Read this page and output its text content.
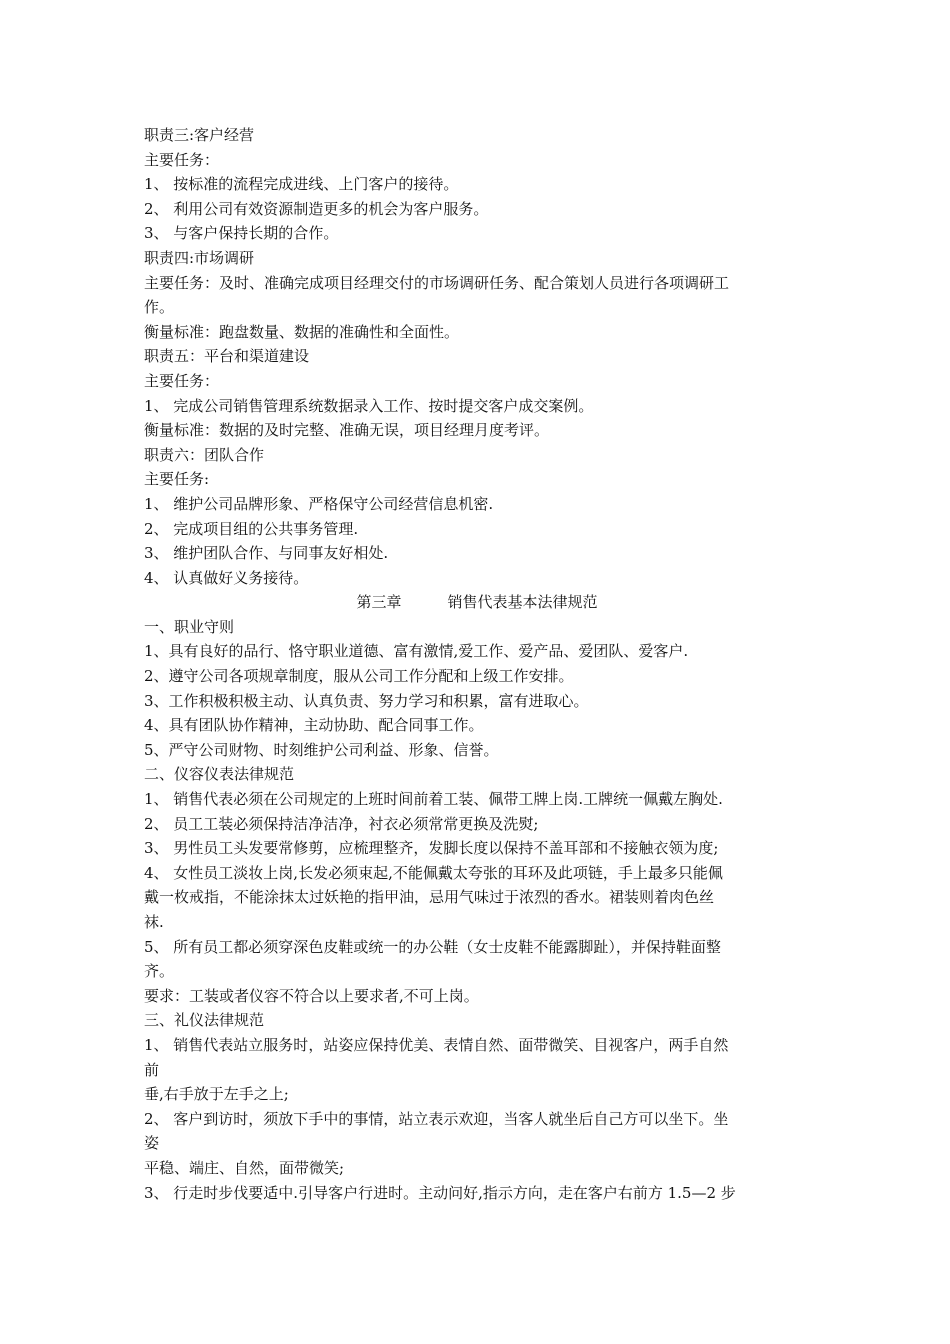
职责三:客户经营
主要任务：
1、 按标准的流程完成进线、上门客户的接待。
2、 利用公司有效资源制造更多的机会为客户服务。
3、 与客户保持长期的合作。
职责四:市场调研
主要任务：及时、准确完成项目经理交付的市场调研任务、配合策划人员进行各项调研工
作。
衡量标准：跑盘数量、数据的准确性和全面性。
职责五：平台和渠道建设
主要任务：
1、 完成公司销售管理系统数据录入工作、按时提交客户成交案例。
衡量标准：数据的及时完整、准确无误，项目经理月度考评。
职责六：团队合作
主要任务:
1、 维护公司品牌形象、严格保守公司经营信息机密.
2、 完成项目组的公共事务管理.
3、 维护团队合作、与同事友好相处.
4、 认真做好义务接待。
第三章	销售代表基本法律规范
一、职业守则
1、具有良好的品行、恪守职业道德、富有激情,爱工作、爱产品、爱团队、爱客户.
2、遵守公司各项规章制度，服从公司工作分配和上级工作安排。
3、工作积极积极主动、认真负责、努力学习和积累，富有进取心。
4、具有团队协作精神，主动协助、配合同事工作。
5、严守公司财物、时刻维护公司利益、形象、信誉。
二、仪容仪表法律规范
1、 销售代表必须在公司规定的上班时间前着工装、佩带工牌上岗.工牌统一佩戴左胸处.
2、 员工工装必须保持洁净洁净，衬衣必须常常更换及洗熨;
3、 男性员工头发要常修剪，应梳理整齐，发脚长度以保持不盖耳部和不接触衣领为度;
4、 女性员工淡妆上岗,长发必须束起,不能佩戴太夸张的耳环及此项链，手上最多只能佩
戴一枚戒指，不能涂抹太过妖艳的指甲油，忌用气味过于浓烈的香水。裙装则着肉色丝
袜.
5、 所有员工都必须穿深色皮鞋或统一的办公鞋（女士皮鞋不能露脚趾），并保持鞋面整
齐。
要求：工装或者仪容不符合以上要求者,不可上岗。
三、礼仪法律规范
1、 销售代表站立服务时，站姿应保持优美、表情自然、面带微笑、目视客户，两手自然
前
垂,右手放于左手之上;
2、 客户到访时，须放下手中的事情，站立表示欢迎，当客人就坐后自己方可以坐下。坐
姿
平稳、端庄、自然，面带微笑;
3、 行走时步伐要适中.引导客户行进时。主动问好,指示方向，走在客户右前方 1.5—2 步
